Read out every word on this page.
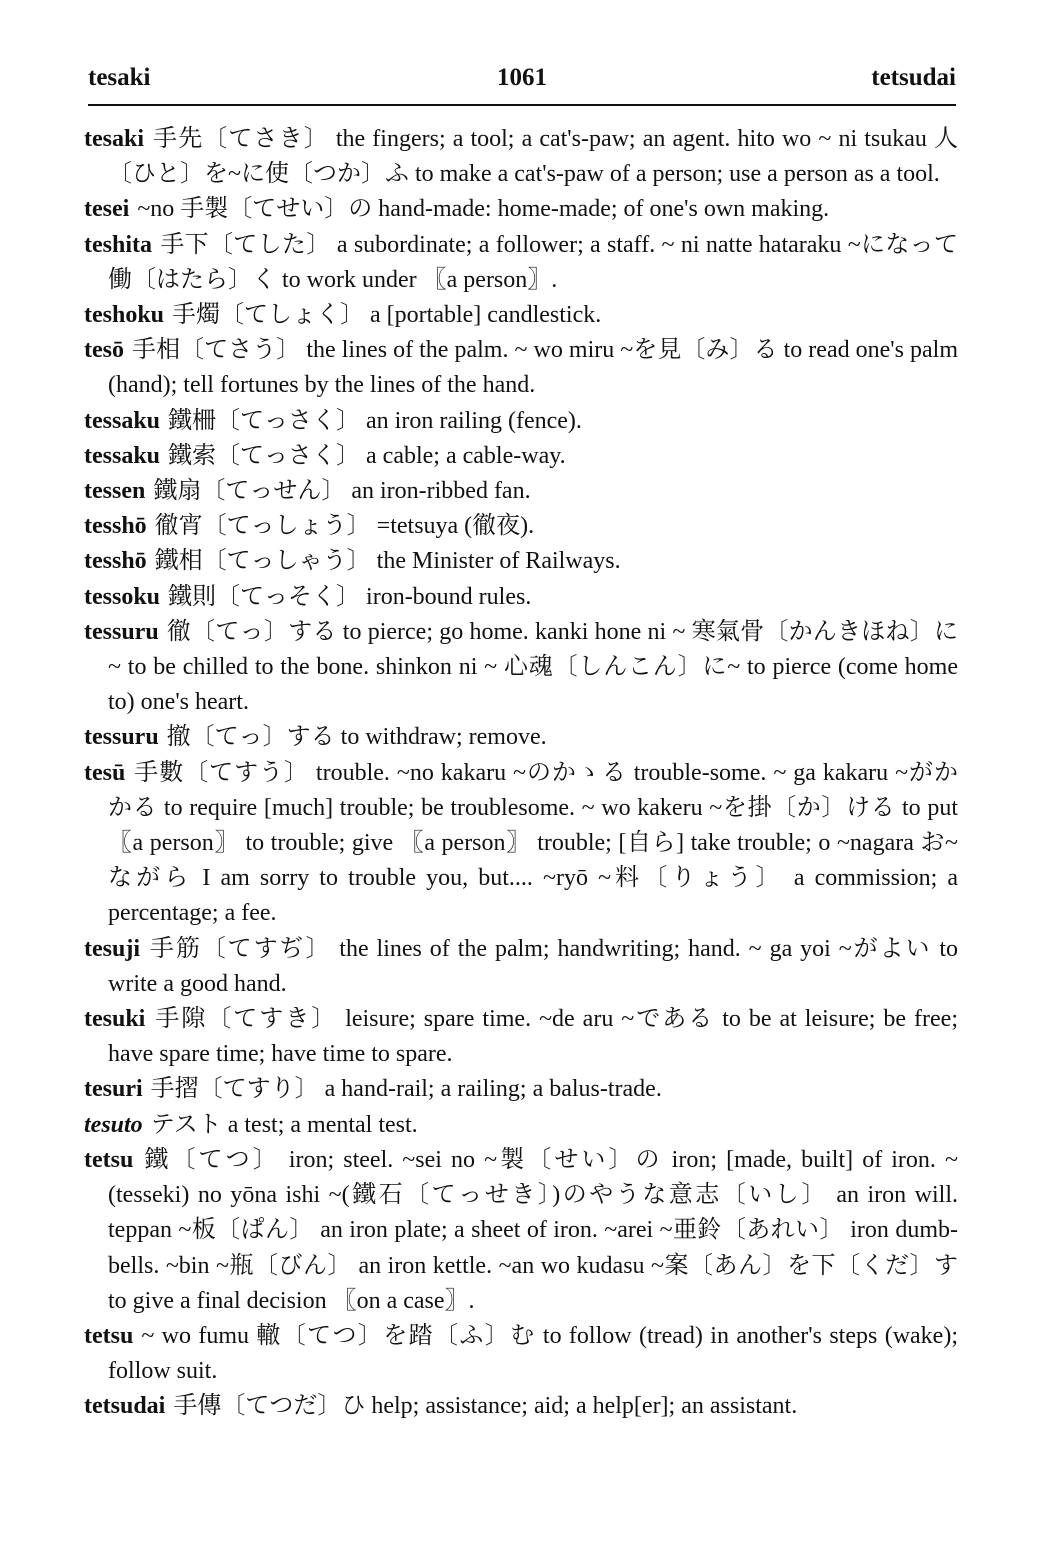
tesaki	1061	tetsudai

tesaki 手先〔てさき〕 the fingers; a tool; a cat's-paw; an agent. hito wo ~ ni tsukau 人〔ひと〕を~に使〔つか〕ふ to make a cat's-paw of a person; use a person as a tool.

tesei ~no 手製〔てせい〕の hand-made: home-made; of one's own making.

teshita 手下〔てした〕 a subordinate; a follower; a staff. ~ ni natte hataraku ~になって働〔はたら〕く to work under 〖a person〗.

teshoku 手燭〔てしょく〕 a [portable] candlestick.

tesō 手相〔てさう〕 the lines of the palm. ~ wo miru ~を見〔み〕る to read one's palm (hand); tell fortunes by the lines of the hand.

tessaku 鐵柵〔てっさく〕 an iron railing (fence).

tessaku 鐵索〔てっさく〕 a cable; a cable-way.

tessen 鐵扇〔てっせん〕 an iron-ribbed fan.

tesshō 徹宵〔てっしょう〕 =tetsuya (徹夜).

tesshō 鐵相〔てっしゃう〕 the Minister of Railways.

tessoku 鐵則〔てっそく〕 iron-bound rules.

tessuru 徹〔てっ〕する to pierce; go home. kanki hone ni ~ 寒氣骨〔かんきほね〕に~ to be chilled to the bone. shinkon ni ~ 心魂〔しんこん〕に~ to pierce (come home to) one's heart.

tessuru 撤〔てっ〕する to withdraw; remove.

tesū 手數〔てすう〕 trouble. ~no kakaru ~のかゝる trouble-some. ~ ga kakaru ~がかかる to require [much] trouble; be troublesome. ~ wo kakeru ~を掛〔か〕ける to put 〖a person〗 to trouble; give 〖a person〗 trouble; [自ら] take trouble; o ~nagara お~ながら I am sorry to trouble you, but.... ~ryō ~料〔りょう〕 a commission; a percentage; a fee.

tesuji 手筋〔てすぢ〕 the lines of the palm; handwriting; hand. ~ ga yoi ~がよい to write a good hand.

tesuki 手隙〔てすき〕 leisure; spare time. ~de aru ~である to be at leisure; be free; have spare time; have time to spare.

tesuri 手摺〔てすり〕 a hand-rail; a railing; a balus-trade.

tesuto テスト a test; a mental test.

tetsu 鐵〔てつ〕 iron; steel. ~sei no ~製〔せい〕の iron; [made, built] of iron. ~(tesseki) no yōna ishi ~(鐵石〔てっせき〕)のやうな意志〔いし〕 an iron will. teppan ~板〔ぱん〕 an iron plate; a sheet of iron. ~arei ~亜鈴〔あれい〕 iron dumb-bells. ~bin ~瓶〔びん〕 an iron kettle. ~an wo kudasu ~案〔あん〕を下〔くだ〕す to give a final decision 〖on a case〗.

tetsu ~ wo fumu 轍〔てつ〕を踏〔ふ〕む to follow (tread) in another's steps (wake); follow suit.

tetsudai 手傳〔てつだ〕ひ help; assistance; aid; a help[er]; an assistant.
